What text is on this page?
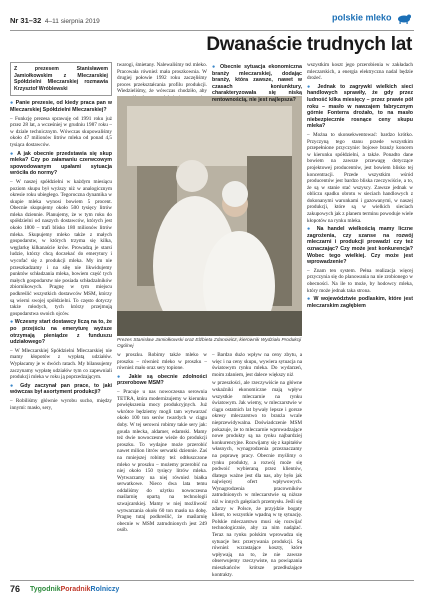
Nr 31–32 4–11 sierpnia 2019	polskie mleko
Dwanaście trudnych lat
Z prezesem Stanisławem Jamiołkowskim z Mleczarskiej Spółdzielni Mleczarskiej rozmawia Krzysztof Wróblewski
● Panie prezesie, od kiedy praca pan w Mleczarskiej Spółdzielni Mleczarskiej?

– Funkcję prezesa sprawuję od 1991 roku już przez 28 lat, a wcześniej w grudniu 1987 roku – w dziale technicznym. Wówczas skupowaliśmy około 47 milionów litrów mleka od ponad 4,5 tysiąca dostawców.

● A jak obecnie przedstawia się skup mleka? Czy po załamaniu czerwcowym spowodowanym upałami sytuacja wróciła do normy?

– W naszej spółdzielni w każdym miesiącu poziom skupu był wyższy niż w analogicznym okresie roku ubiegłego. Tegoroczna dynamika w skupie mleka wynosi bowiem 5 procent. Obecnie skupujemy około 500 tysięcy litrów mleka dziennie. Planujemy, że w tym roku do spółdzielni od naszych dostawców, których jest około 1800 – trafi blisko 180 milionów litrów mleka. Skupujemy mleko także z małych gospodarstw, w których trzyma się kilka, węglarkę kilkanaście krów. Prowadzą je starsi ludzie, którzy chcą doczekać do emerytury i wycofać się z produkcji mleka. My im nie przeszkadzamy i na siłę nie likwidujemy punktów schładzania mleka, bowiem część tych małych gospodarstw nie posiada schładzalników zbiornikowych. Pragnę w tym miejscu podkreślić wszystkich dostawców MSM, którzy są wierni swojej spółdzielni. To często dotyczy także młodych, tych którzy przejmują gospodarstwa swoich ojców.

● Wczesny start dostawcy liczą na to, że po przejściu na emeryturę wyższe otrzymają pieniądze z funduszu udziałowego?

– W Mleczarskiej Spółdzielni Mleczarskiej nie mamy kłopotów z wypłatą udziałów. Wypłacamy je w dwóch ratach. My bilansujemy zaczynamy wypłatę udziałów tym co zapewniali produkcji mleka w roku ją poprzedzającym.

● Gdy zaczynał pan prace, to jaki wówczas był asortyment produkcji?

– Robiliśmy głównie wyrobu sucho, między innymi: masło, sery,

twarogi, śmietany. Nalewaliśmy też mleko. Pracowała również mała proszkownia. W drugiej połowie 1992 roku zaczęliśmy proces przekształcania profilu produkcji. Wiedzieliśmy, że wówczas chodziło, aby

Prezes Stanisław Jamiołkowski oraz Elżbieta Zdanowicz, kierownik Wydziału Produkcji Ogólnej

w proszku. Robimy także mleko w proszku – również mleko w proszku – również mało oraz sery topione.

● Jakie są obecnie zdolności przerobowe MSM?

– Pracuje u nas nowoczesna serownia TETRA, która modernizujemy w kierunku powiększenia mocy produkcyjnych. Już wkrótce będziemy mogli tam wytwarzać około 100 ton serów twardych w ciągu doby. W tej serowni robimy takie sery jak: gouda mlecka, aldamer, edamski. Mamy też dwie nowoczesne wieże do produkcji proszku. To wydajne może przerobić nawet milion litrów serwatki dziennie. Zaś na mniejszej robimy też odtłuszczone mleko w proszku – możemy przerobić na niej około 150 tysięcy litrów mleka. Wytwarzamy na niej również białka serwatkowe. Nieco dwa lata temu oddaliśmy do użytku nowoczesna maślarnię opartą na technologii szwajcarskiej. Mamy w niej możliwość wytwarzania około 60 ton masła na dobę. Pragnę tutaj podkreślić, że maślarnię obecnie w MSM zatrudnionych jest 249 osób.

● Obecnie sytuacja ekonomiczna branży mleczarskiej, dodając branży, która zawsze, nawet w czasach koniunktury, charakteryzowała się niską rentownością, nie jest najlepsza?

– Bardzo dużo wpływ na ceny zbytu, a więc i na ceny skupu, wywiera sytuacja na światowym rynku mleka. Do wydarzeń, moim zdaniem, jest dalece większy niż

w przeszłości, ale rzeczywiście na główne wskaźniki ekonomiczne mają wpływ wszystkie mleczarnie na rynku światowym. Jak wiemy, w mleczarstwie w ciągu ostatnich lat bywały lepsze i gorsze okresy mleczarstwo to branża wcale nieprzewidywalna. Doświadczenie MSM pokazuje, że to mleczarnie wprowadzające nowe produkty są na rynku najbardziej konkurencyjne. Rozwijamy się z kapitałów własnych, wynagrodzenia przeznaczamy na poprawę pracy. Obecnie myślimy o rynku produkty, a rozwój może się podwoić wybieraną przez klientów, dlatego ważne jest dla nas, aby było jak najwięcej ofert wpływowych. Wynagrodzenia pracowników zatrudnionych w mleczarstwie są niższe niż w innych gałęziach przemysłu. Jeśli się zdarzy w Polsce, że przyjdzie bogaty klient, to wszystkie wpadną w tę sytuację. Polskie mleczarstwo musi się rozwijać technologicznie, aby za nim nadążać. Teraz na rynku polskim wprowadza się sytuacje bez przerywania produkcji. Są również wzrastające koszty, które wpływają na to, że nie zawsze obserwujemy rzeczywiste, na powiązania mieszkańców krótsze przedłużające kontrakty.

wszystkim koszt jego przerobienia w zakładach mleczarskich, a energia elektryczna nadal będzie drożeć.

● Jednak to zagrywki wielkich sieci handlowych sprawiły, że gdy przez ludność kilka miesięcy – przez prawie pół roku – masło w nawzajem fabrycznym górnie Fonterra drożało, to na masło niebezpiecznie rosnące ceny skupu mleka?

– Można to skonsekwentować: bardzo krótko. Przyczyną tego stanu przede wszystkim przepełnione przyczynie: bojowe branży koncern w kierunku spółdzielni, a także. Ponadto dane bowiem na zawsze przewagę dotyczące projektowej producentów, jest bowiem blisko tej koncentracji. Przede wszystkim wśród producentów jest bardzo bliska rzeczywiście, a to, że są w stanie stać wszyscy. Zawsze jednak w obliczu spadku obrotu w sieciach handlowych z dokonanymi warunkami i gazowanymi, w naszej produkcji, które są w wielkich sieciach zakupowych jak z planem terminu powoduje wiele kłopotów na rynku mleka.

● Na handel wielkością mamy liczne zagrożenia, czy szanse na rozwój mleczarni i produkcji prowadzi czy też oznaczając? Czy może jest konkurencja? Wobec tego wielkiej. Czy może jest wprowadzenie?

– Znam ten system. Pełna realizacja więcej przyczynia się do planowania na nie zrobionego w obecności. Na ile to może, by hodowcy mleka, który może jednak taka strona.

● W województwie podlaskim, które jest mleczarskim zagłębiem
76 TygodnikPoradnikRolniczy
